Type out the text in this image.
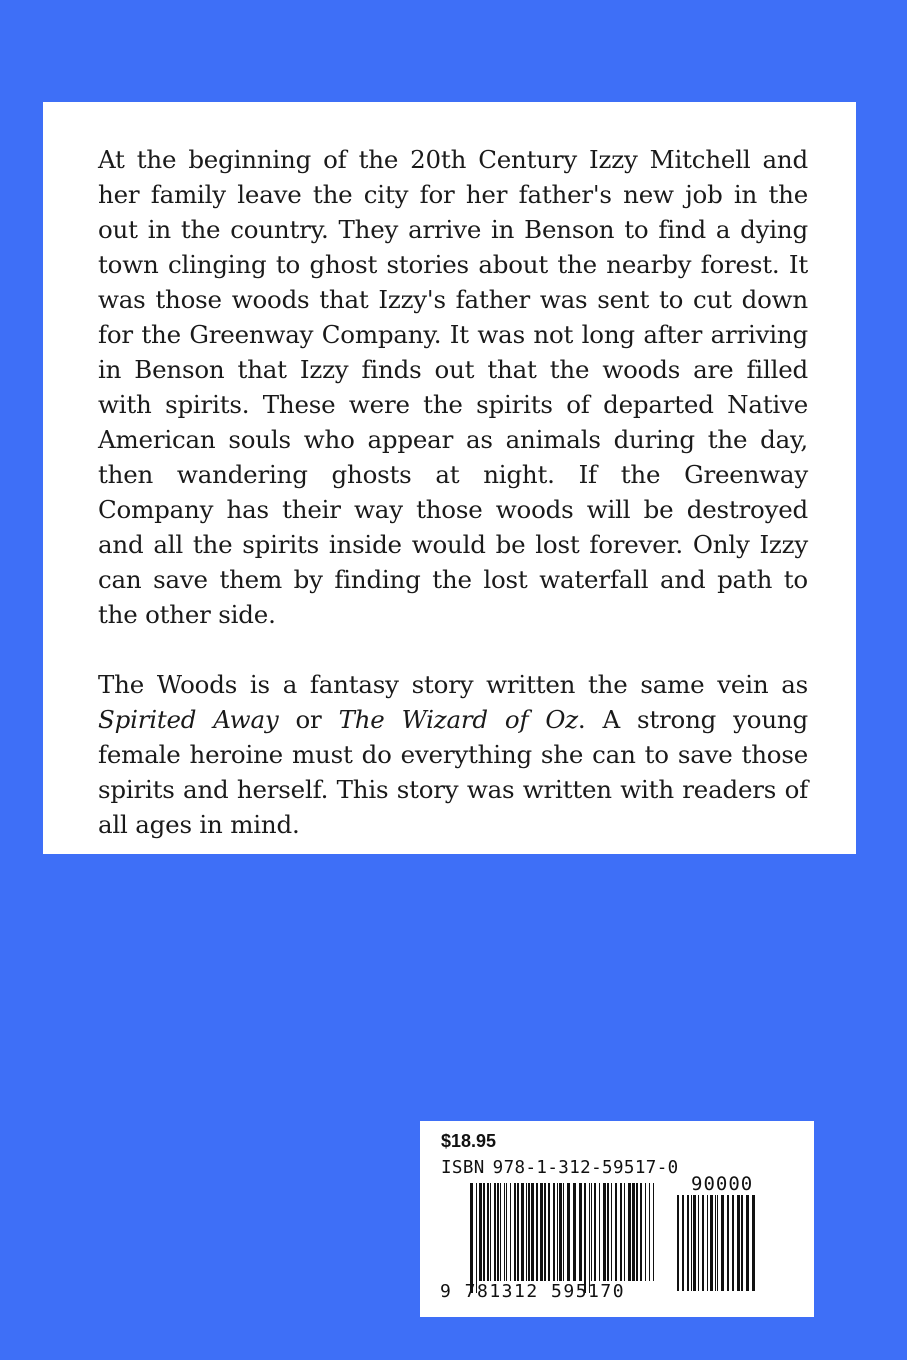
At the beginning of the 20th Century Izzy Mitchell and her family leave the city for her father's new job in the out in the country. They arrive in Benson to find a dying town clinging to ghost stories about the nearby forest. It was those woods that Izzy's father was sent to cut down for the Greenway Company. It was not long after arriving in Benson that Izzy finds out that the woods are filled with spirits. These were the spirits of departed Native American souls who appear as animals during the day, then wandering ghosts at night. If the Greenway Company has their way those woods will be destroyed and all the spirits inside would be lost forever. Only Izzy can save them by finding the lost waterfall and path to the other side.

The Woods is a fantasy story written the same vein as Spirited Away or The Wizard of Oz. A strong young female heroine must do everything she can to save those spirits and herself. This story was written with readers of all ages in mind.

$18.95
ISBN 978-1-312-59517-0
90000
9 781312 595170
